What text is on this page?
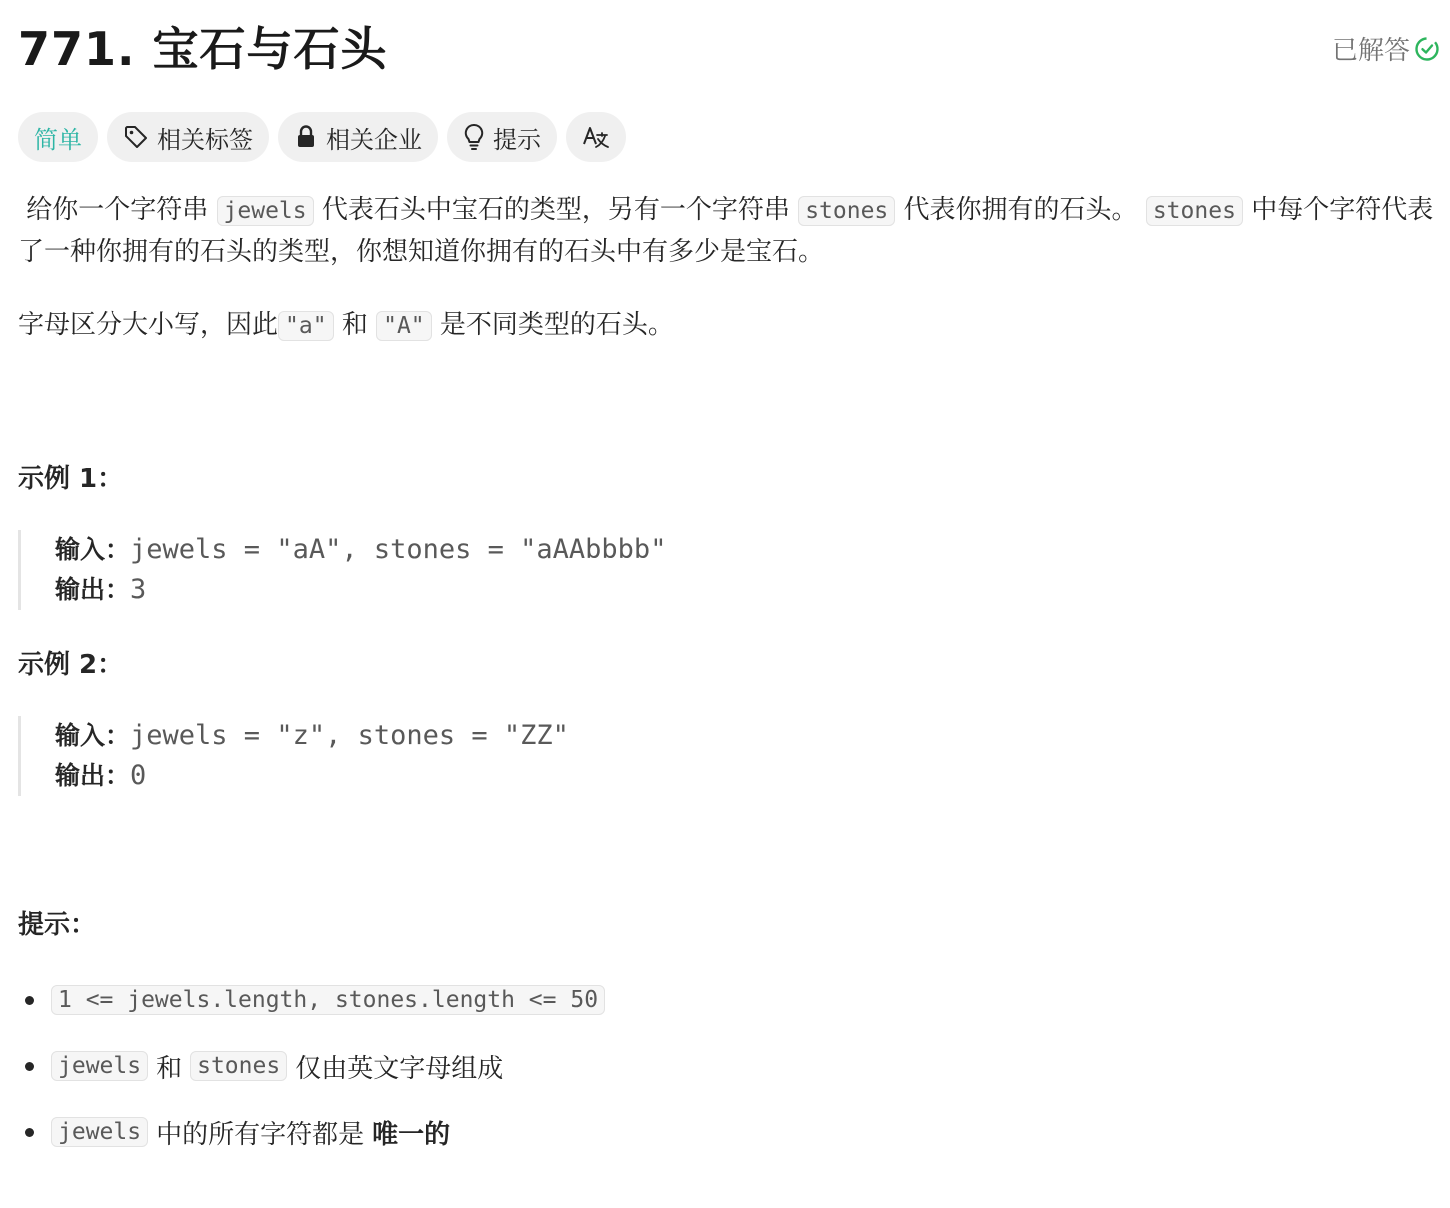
771. 宝石与石头	已解答
简单	相关标签	相关企业	提示

给你一个字符串 jewels 代表石头中宝石的类型，另有一个字符串 stones 代表你拥有的石头。 stones 中每个字符代表了一种你拥有的石头的类型，你想知道你拥有的石头中有多少是宝石。

字母区分大小写，因此 "a" 和 "A" 是不同类型的石头。

示例 1：
输入：jewels = "aA", stones = "aAAbbbb"
输出：3
示例 2：
输入：jewels = "z", stones = "ZZ"
输出：0
提示：
1 <= jewels.length, stones.length <= 50
jewels 和 stones 仅由英文字母组成
jewels 中的所有字符都是 唯一的
